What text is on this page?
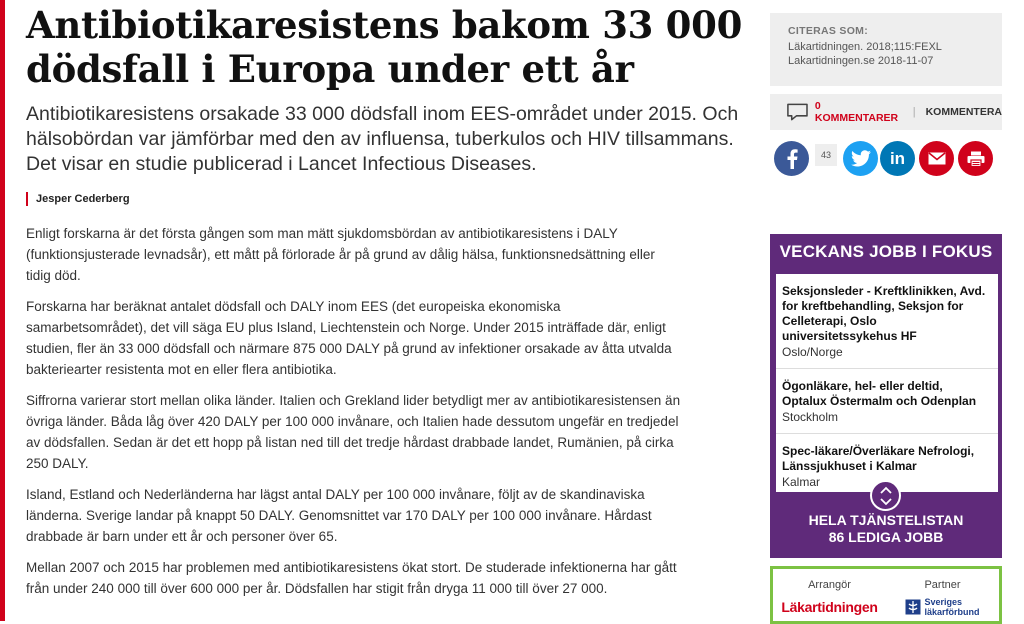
Antibiotikaresistens bakom 33 000 dödsfall i Europa under ett år

Antibiotikaresistens orsakade 33 000 dödsfall inom EES-området under 2015. Och hälsobördan var jämförbar med den av influensa, tuberkulos och HIV tillsammans. Det visar en studie publicerad i Lancet Infectious Diseases.

Jesper Cederberg

Enligt forskarna är det första gången som man mätt sjukdomsbördan av antibiotikaresistens i DALY (funktionsjusterade levnadsår), ett mått på förlorade år på grund av dålig hälsa, funktionsnedsättning eller tidig död.

Forskarna har beräknat antalet dödsfall och DALY inom EES (det europeiska ekonomiska samarbetsområdet), det vill säga EU plus Island, Liechtenstein och Norge. Under 2015 inträffade där, enligt studien, fler än 33 000 dödsfall och närmare 875 000 DALY på grund av infektioner orsakade av åtta utvalda bakteriearter resistenta mot en eller flera antibiotika.

Siffrorna varierar stort mellan olika länder. Italien och Grekland lider betydligt mer av antibiotikaresistensen än övriga länder. Båda låg över 420 DALY per 100 000 invånare, och Italien hade dessutom ungefär en tredjedel av dödsfallen. Sedan är det ett hopp på listan ned till det tredje hårdast drabbade landet, Rumänien, på cirka 250 DALY.

Island, Estland och Nederländerna har lägst antal DALY per 100 000 invånare, följt av de skandinaviska länderna. Sverige landar på knappt 50 DALY. Genomsnittet var 170 DALY per 100 000 invånare. Hårdast drabbade är barn under ett år och personer över 65.

Mellan 2007 och 2015 har problemen med antibiotikaresistens ökat stort. De studerade infektionerna har gått från under 240 000 till över 600 000 per år. Dödsfallen har stigit från dryga 11 000 till över 27 000.

CITERAS SOM:
Läkartidningen. 2018;115:FEXL
Lakartidningen.se 2018-11-07
0 KOMMENTARER	| KOMMENTERA
43	in
VECKANS JOBB I FOKUS
Seksjonsleder - Kreftklinikken, Avd. for kreftbehandling, Seksjon for Celleterapi, Oslo universitetssykehus HF
Oslo/Norge
Ögonläkare, hel- eller deltid, Optalux Östermalm och Odenplan
Stockholm
Spec-läkare/Överläkare Nefrologi, Länssjukhuset i Kalmar
Kalmar
HELA TJÄNSTELISTAN
86 LEDIGA JOBB
Arrangör	Partner
Läkartidningen	Sveriges
läkarförbund
